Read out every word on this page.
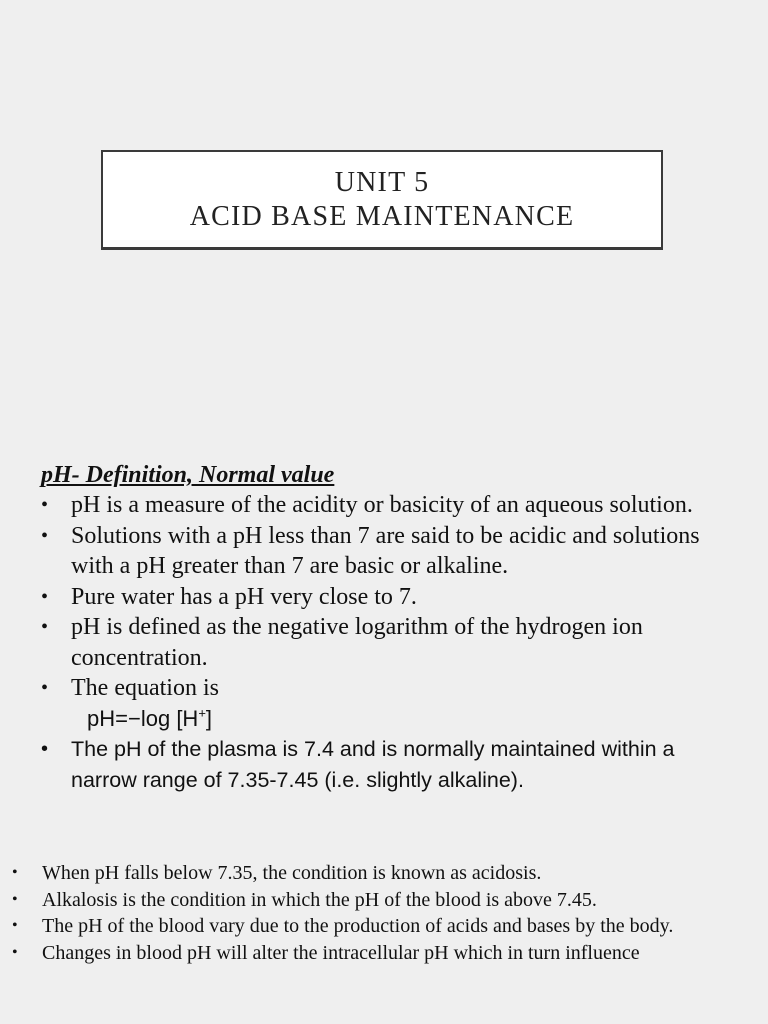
UNIT 5
ACID BASE MAINTENANCE
pH- Definition, Normal value
• pH is a measure of the acidity or basicity of an aqueous solution.
• Solutions with a pH less than 7 are said to be acidic and solutions with a pH greater than 7 are basic or alkaline.
• Pure water has a pH very close to 7.
• pH is defined as the negative logarithm of the hydrogen ion concentration.
• The equation is
pH=−log [H+]
• The pH of the plasma is 7.4 and is normally maintained within a narrow range of 7.35-7.45 (i.e. slightly alkaline).
• When pH falls below 7.35, the condition is known as acidosis.
• Alkalosis is the condition in which the pH of the blood is above 7.45.
• The pH of the blood vary due to the production of acids and bases by the body.
• Changes in blood pH will alter the intracellular pH which in turn influence
